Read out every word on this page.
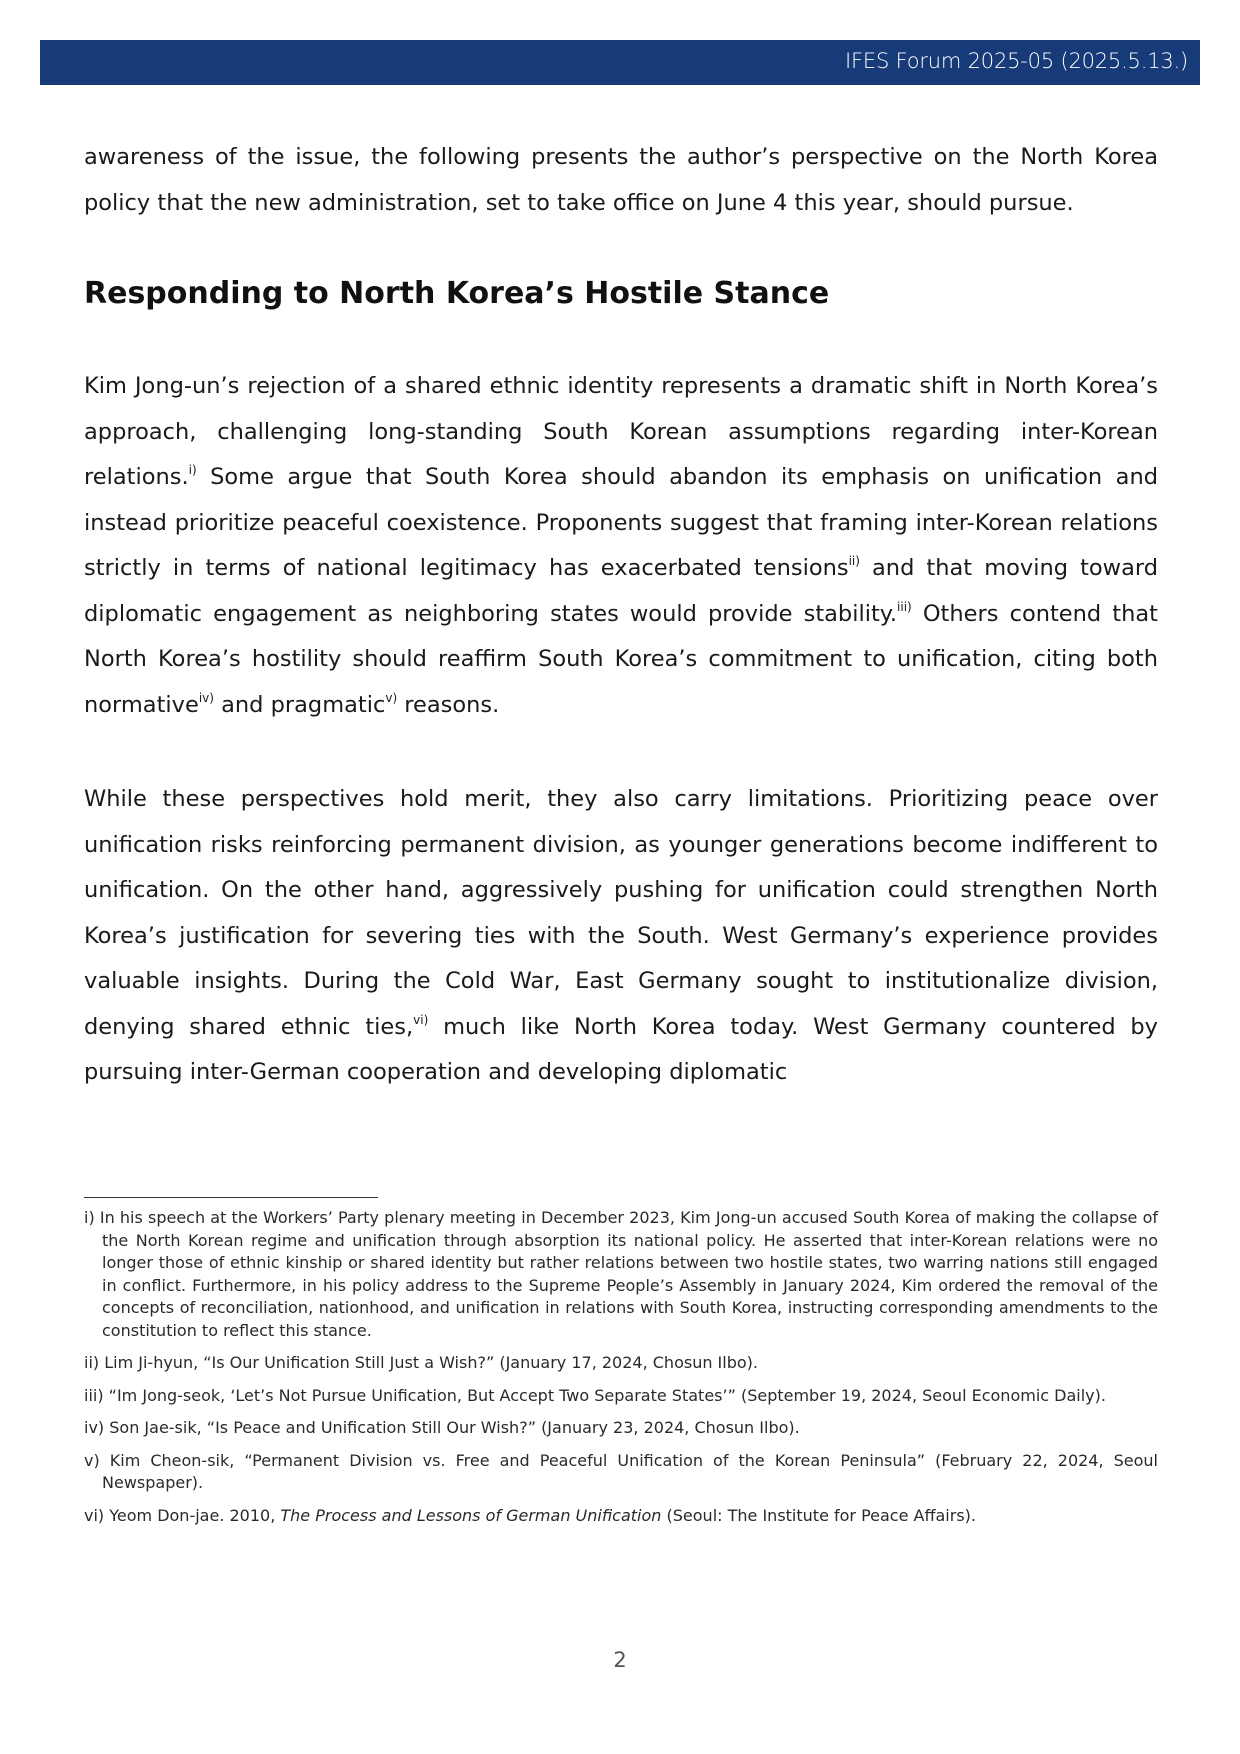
IFES Forum 2025-05 (2025.5.13.)

awareness of the issue, the following presents the author’s perspective on the North Korea policy that the new administration, set to take office on June 4 this year, should pursue.

Responding to North Korea’s Hostile Stance

Kim Jong-un’s rejection of a shared ethnic identity represents a dramatic shift in North Korea’s approach, challenging long-standing South Korean assumptions regarding inter-Korean relations.$^{i)}$ Some argue that South Korea should abandon its emphasis on unification and instead prioritize peaceful coexistence. Proponents suggest that framing inter-Korean relations strictly in terms of national legitimacy has exacerbated tensions$^{ii)}$ and that moving toward diplomatic engagement as neighboring states would provide stability.$^{iii)}$ Others contend that North Korea’s hostility should reaffirm South Korea’s commitment to unification, citing both normative$^{iv)}$ and pragmatic$^{v)}$ reasons.

While these perspectives hold merit, they also carry limitations. Prioritizing peace over unification risks reinforcing permanent division, as younger generations become indifferent to unification. On the other hand, aggressively pushing for unification could strengthen North Korea’s justification for severing ties with the South. West Germany’s experience provides valuable insights. During the Cold War, East Germany sought to institutionalize division, denying shared ethnic ties,$^{vi)}$ much like North Korea today. West Germany countered by pursuing inter-German cooperation and developing diplomatic

i) In his speech at the Workers’ Party plenary meeting in December 2023, Kim Jong-un accused South Korea of making the collapse of the North Korean regime and unification through absorption its national policy. He asserted that inter-Korean relations were no longer those of ethnic kinship or shared identity but rather relations between two hostile states, two warring nations still engaged in conflict. Furthermore, in his policy address to the Supreme People’s Assembly in January 2024, Kim ordered the removal of the concepts of reconciliation, nationhood, and unification in relations with South Korea, instructing corresponding amendments to the constitution to reflect this stance.

ii) Lim Ji-hyun, “Is Our Unification Still Just a Wish?” (January 17, 2024, Chosun Ilbo).

iii) “Im Jong-seok, ‘Let’s Not Pursue Unification, But Accept Two Separate States’” (September 19, 2024, Seoul Economic Daily).

iv) Son Jae-sik, “Is Peace and Unification Still Our Wish?” (January 23, 2024, Chosun Ilbo).

v) Kim Cheon-sik, “Permanent Division vs. Free and Peaceful Unification of the Korean Peninsula” (February 22, 2024, Seoul Newspaper).

vi) Yeom Don-jae. 2010, The Process and Lessons of German Unification (Seoul: The Institute for Peace Affairs).

2
